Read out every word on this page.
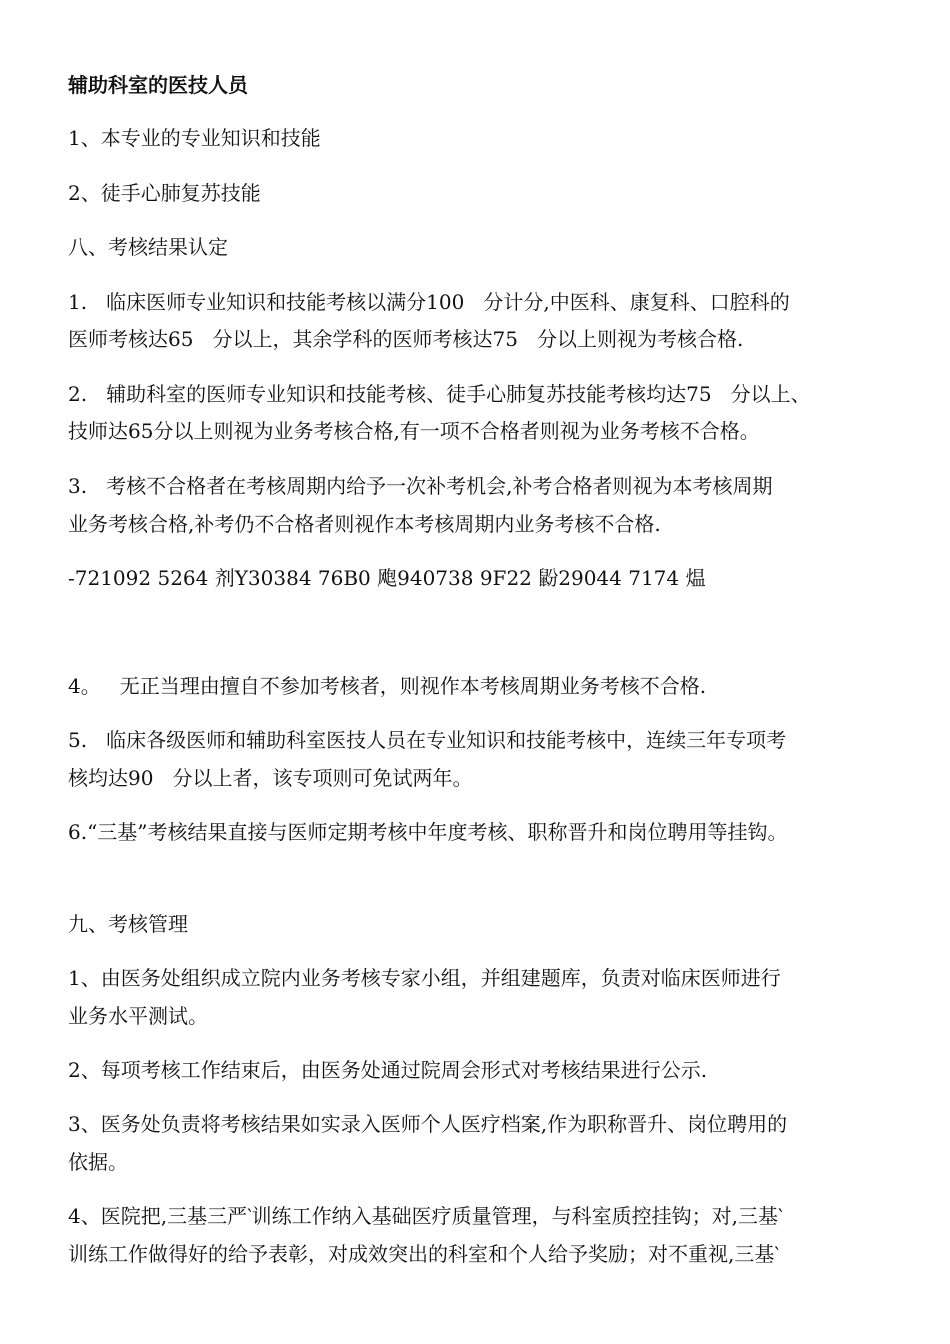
辅助科室的医技人员
1、本专业的专业知识和技能
2、徒手心肺复苏技能
八、考核结果认定
1.   临床医师专业知识和技能考核以满分100   分计分,中医科、康复科、口腔科的
医师考核达65   分以上，其余学科的医师考核达75   分以上则视为考核合格.
2.   辅助科室的医师专业知识和技能考核、徒手心肺复苏技能考核均达75   分以上、
技师达65分以上则视为业务考核合格,有一项不合格者则视为业务考核不合格。
3.   考核不合格者在考核周期内给予一次补考机会,补考合格者则视为本考核周期
业务考核合格,补考仍不合格者则视作本考核周期内业务考核不合格.
-721092 5264 剂Y30384 76B0 飑940738 9F22 鼢29044 7174 煴
4。   无正当理由擅自不参加考核者，则视作本考核周期业务考核不合格.
5.   临床各级医师和辅助科室医技人员在专业知识和技能考核中，连续三年专项考
核均达90   分以上者，该专项则可免试两年。
6.“三基”考核结果直接与医师定期考核中年度考核、职称晋升和岗位聘用等挂钩。
九、考核管理
1、由医务处组织成立院内业务考核专家小组，并组建题库，负责对临床医师进行
业务水平测试。
2、每项考核工作结束后，由医务处通过院周会形式对考核结果进行公示.
3、医务处负责将考核结果如实录入医师个人医疗档案,作为职称晋升、岗位聘用的
依据。
4、医院把,三基三严‵训练工作纳入基础医疗质量管理，与科室质控挂钩；对,三基‵
训练工作做得好的给予表彰，对成效突出的科室和个人给予奖励；对不重视,三基‵
